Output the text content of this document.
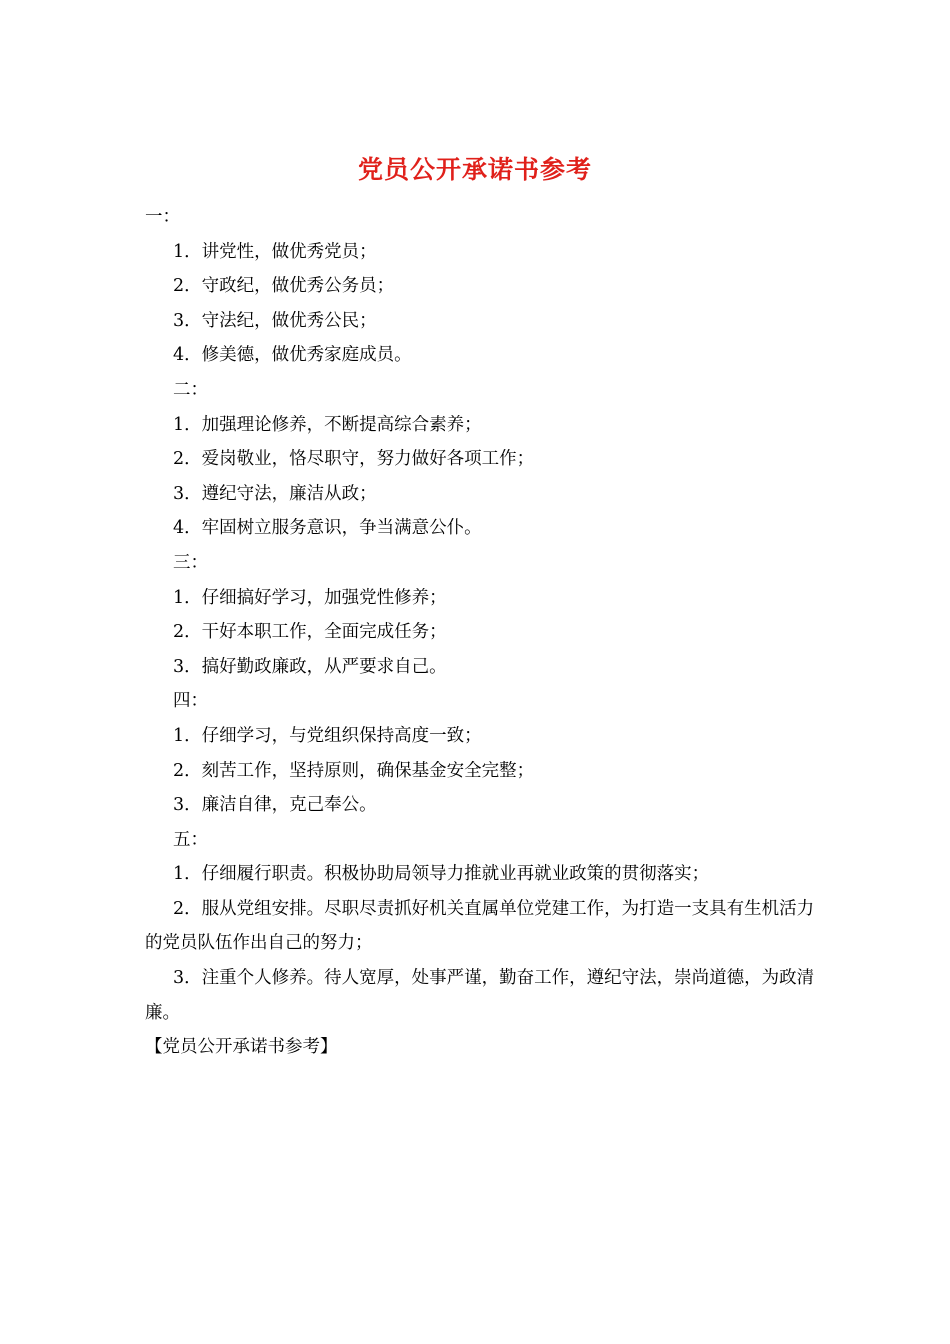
党员公开承诺书参考

一：

1．讲党性，做优秀党员；

2．守政纪，做优秀公务员；

3．守法纪，做优秀公民；

4．修美德，做优秀家庭成员。

二：

1．加强理论修养，不断提高综合素养；

2．爱岗敬业，恪尽职守，努力做好各项工作；

3．遵纪守法，廉洁从政；

4．牢固树立服务意识，争当满意公仆。

三：

1．仔细搞好学习，加强党性修养；

2．干好本职工作，全面完成任务；

3．搞好勤政廉政，从严要求自己。

四：

1．仔细学习，与党组织保持高度一致；

2．刻苦工作，坚持原则，确保基金安全完整；

3．廉洁自律，克己奉公。

五：

1．仔细履行职责。积极协助局领导力推就业再就业政策的贯彻落实；

2．服从党组安排。尽职尽责抓好机关直属单位党建工作，为打造一支具有生机活力的党员队伍作出自己的努力；

3．注重个人修养。待人宽厚，处事严谨，勤奋工作，遵纪守法，崇尚道德，为政清廉。

【党员公开承诺书参考】
